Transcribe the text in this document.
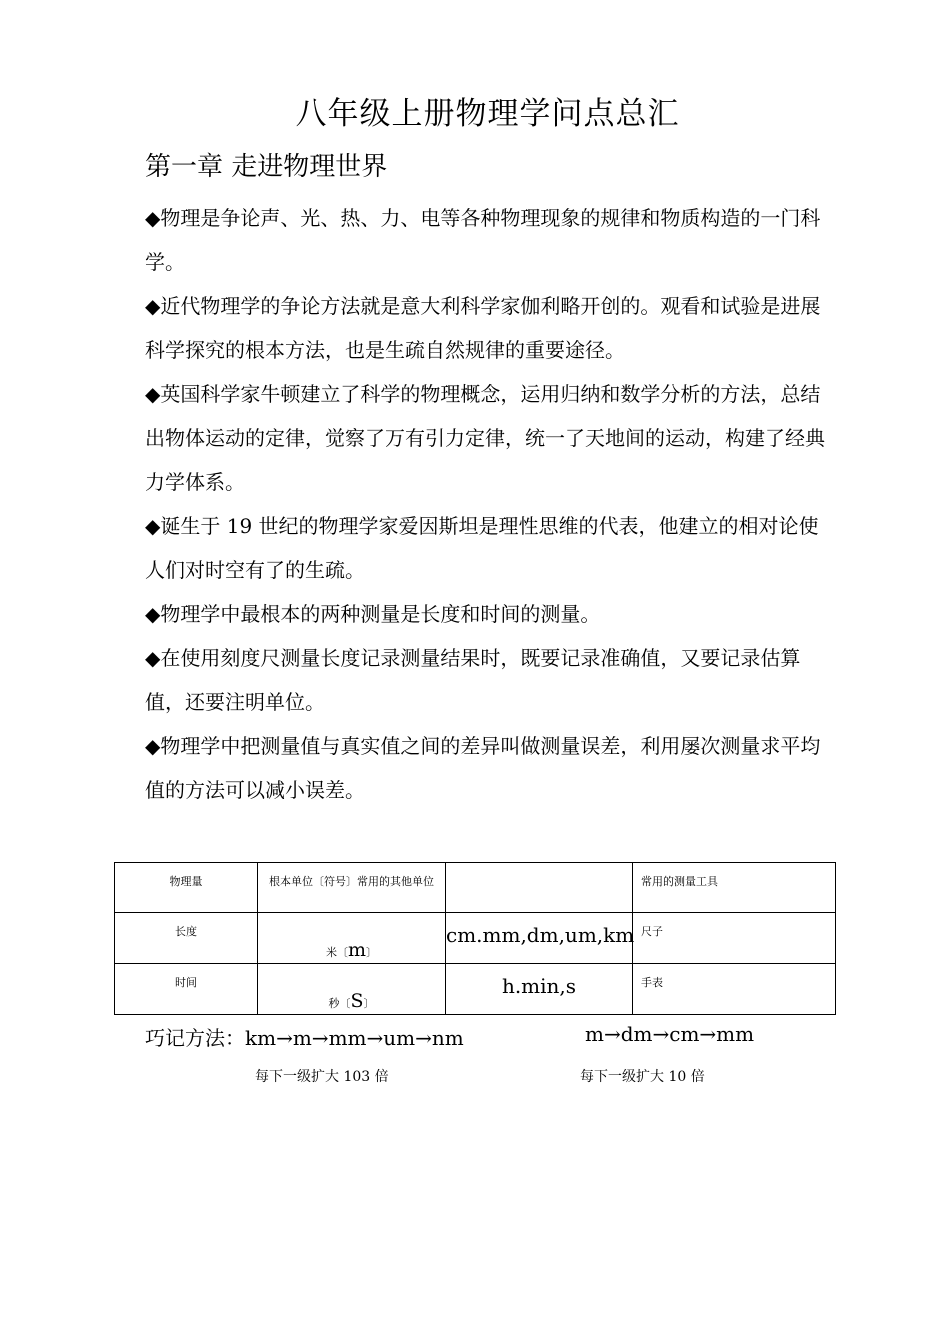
八年级上册物理学问点总汇
第一章 走进物理世界

◆物理是争论声、光、热、力、电等各种物理现象的规律和物质构造的一门科学。

◆近代物理学的争论方法就是意大利科学家伽利略开创的。观看和试验是进展科学探究的根本方法，也是生疏自然规律的重要途径。

◆英国科学家牛顿建立了科学的物理概念，运用归纳和数学分析的方法，总结出物体运动的定律，觉察了万有引力定律，统一了天地间的运动，构建了经典力学体系。

◆诞生于 19 世纪的物理学家爱因斯坦是理性思维的代表，他建立的相对论使人们对时空有了的生疏。

◆物理学中最根本的两种测量是长度和时间的测量。

◆在使用刻度尺测量长度记录测量结果时，既要记录准确值，又要记录估算值，还要注明单位。

◆物理学中把测量值与真实值之间的差异叫做测量误差，利用屡次测量求平均值的方法可以减小误差。

物理量	根本单位〔符号〕常用的其他单位		常用的测量工具
长度	米〔m〕	cm.mm,dm,um,km	尺子
时间	秒〔S〕	h.min,s	手表
巧记方法：km→m→mm→um→nm	m→dm→cm→mm
每下一级扩大 103 倍	每下一级扩大 10 倍
